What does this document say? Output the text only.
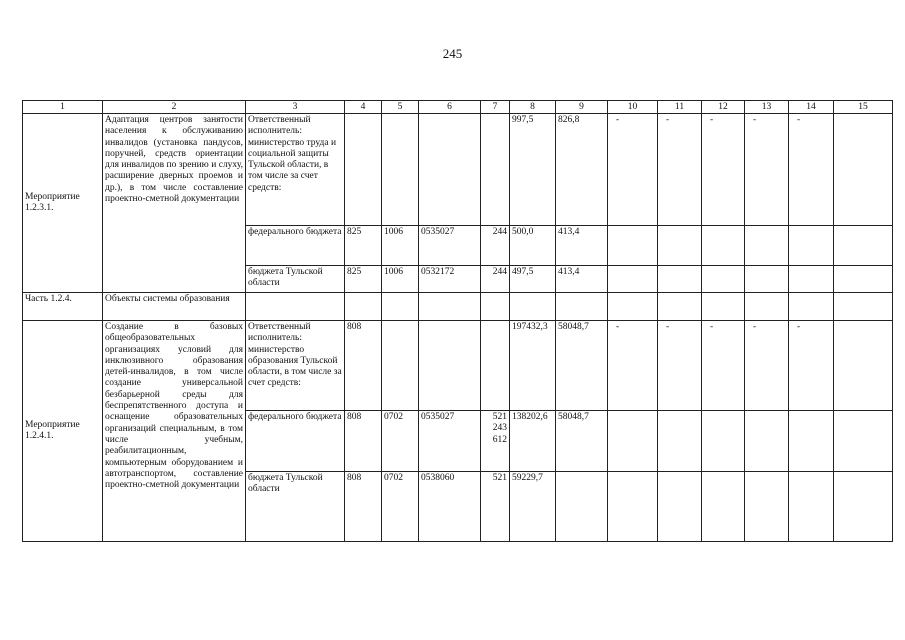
245
1	2	3	4	5	6	7	8	9	10	11	12	13	14	15
Мероприятие 1.2.3.1.	Адаптация центров занятости населения к обслуживанию инвалидов (установка пандусов, поручней, средств ориентации для инвалидов по зрению и слуху, расширение дверных проемов и др.), в том числе составление проектно-сметной документации	Ответственный исполнитель: министерство труда и социальной защиты Тульской области, в том числе за счет средств:					997,5	826,8	-	-	-	-	-	
		федерального бюджета	825	1006	0535027	244	500,0	413,4						
		бюджета Тульской области	825	1006	0532172	244	497,5	413,4						
Часть 1.2.4.	Объекты системы образования													
Мероприятие 1.2.4.1.	Создание в базовых общеобразовательных организациях условий для инклюзивного образования детей-инвалидов, в том числе создание универсальной безбарьерной среды для беспрепятственного доступа и оснащение образовательных организаций специальным, в том числе учебным, реабилитационным, компьютерным оборудованием и автотранспортом, составление проектно-сметной документации	Ответственный исполнитель: министерство образования Тульской области, в том числе за счет средств:	808				197432,3	58048,7	-	-	-	-	-	
		федерального бюджета	808	0702	0535027	521 243 612	138202,6	58048,7						
		бюджета Тульской области	808	0702	0538060	521	59229,7							
